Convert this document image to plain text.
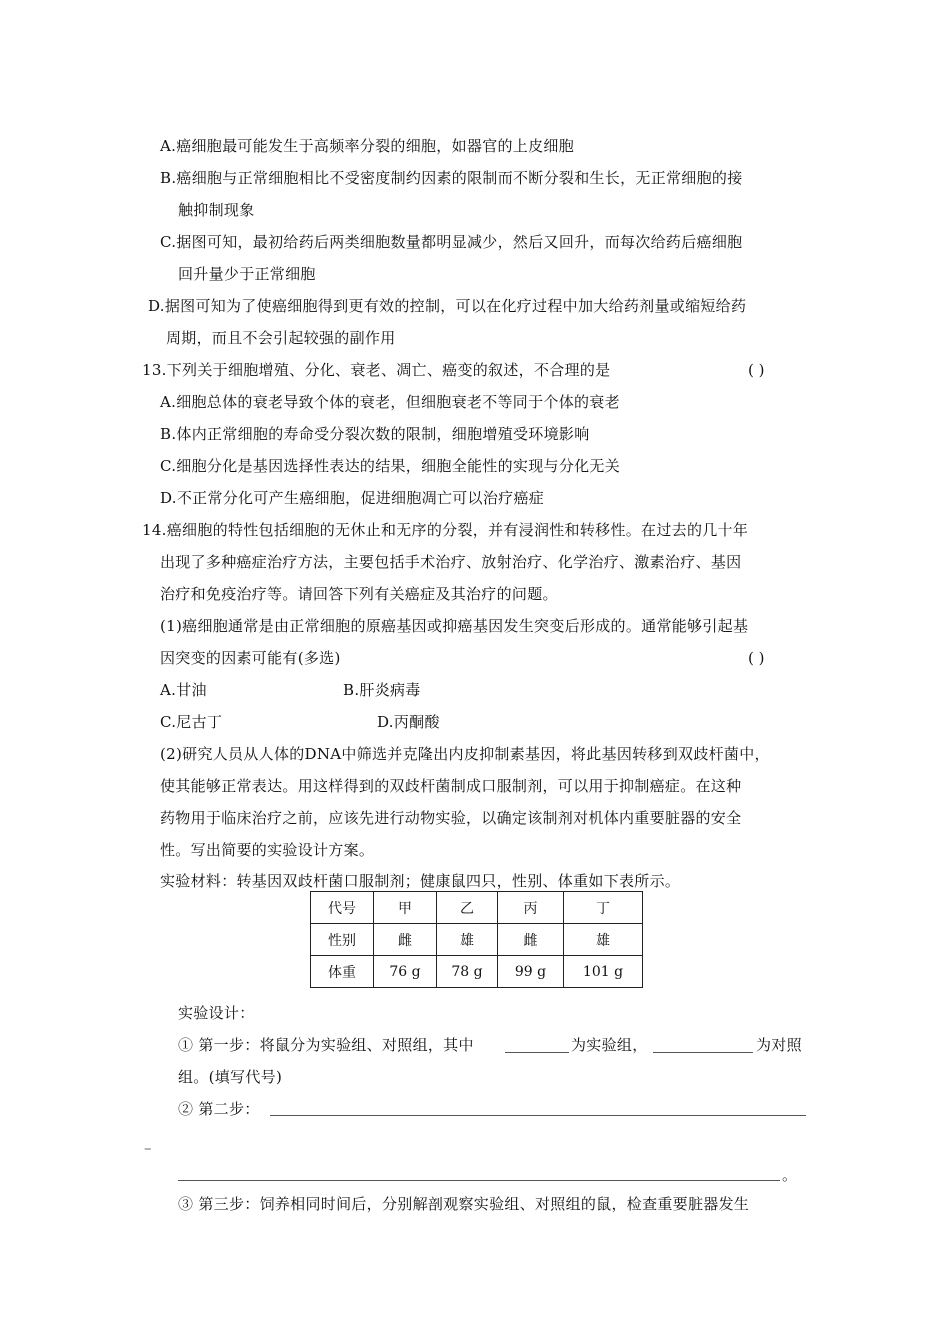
A.癌细胞最可能发生于高频率分裂的细胞，如器官的上皮细胞
B.癌细胞与正常细胞相比不受密度制约因素的限制而不断分裂和生长，无正常细胞的接
触抑制现象
C.据图可知，最初给药后两类细胞数量都明显减少，然后又回升，而每次给药后癌细胞
回升量少于正常细胞
D.据图可知为了使癌细胞得到更有效的控制，可以在化疗过程中加大给药剂量或缩短给药
周期，而且不会引起较强的副作用
13.下列关于细胞增殖、分化、衰老、凋亡、癌变的叙述，不合理的是	( )
A.细胞总体的衰老导致个体的衰老，但细胞衰老不等同于个体的衰老
B.体内正常细胞的寿命受分裂次数的限制，细胞增殖受环境影响
C.细胞分化是基因选择性表达的结果，细胞全能性的实现与分化无关
D.不正常分化可产生癌细胞，促进细胞凋亡可以治疗癌症
14.癌细胞的特性包括细胞的无休止和无序的分裂，并有浸润性和转移性。在过去的几十年
出现了多种癌症治疗方法，主要包括手术治疗、放射治疗、化学治疗、激素治疗、基因
治疗和免疫治疗等。请回答下列有关癌症及其治疗的问题。
(1)癌细胞通常是由正常细胞的原癌基因或抑癌基因发生突变后形成的。通常能够引起基
因突变的因素可能有(多选)	( )
A.甘油	B.肝炎病毒
C.尼古丁	D.丙酮酸
(2)研究人员从人体的DNA中筛选并克隆出内皮抑制素基因，将此基因转移到双歧杆菌中，
使其能够正常表达。用这样得到的双歧杆菌制成口服制剂，可以用于抑制癌症。在这种
药物用于临床治疗之前，应该先进行动物实验，以确定该制剂对机体内重要脏器的安全
性。写出简要的实验设计方案。
实验材料：转基因双歧杆菌口服制剂；健康鼠四只，性别、体重如下表所示。
代号	甲	乙	丙	丁
性别	雌	雄	雌	雄
体重	76 g	78 g	99 g	101 g
实验设计：
① 第一步：将鼠分为实验组、对照组，其中	为实验组，	为对照
组。(填写代号)
② 第二步：
–
。
③ 第三步：饲养相同时间后，分别解剖观察实验组、对照组的鼠，检查重要脏器发生
